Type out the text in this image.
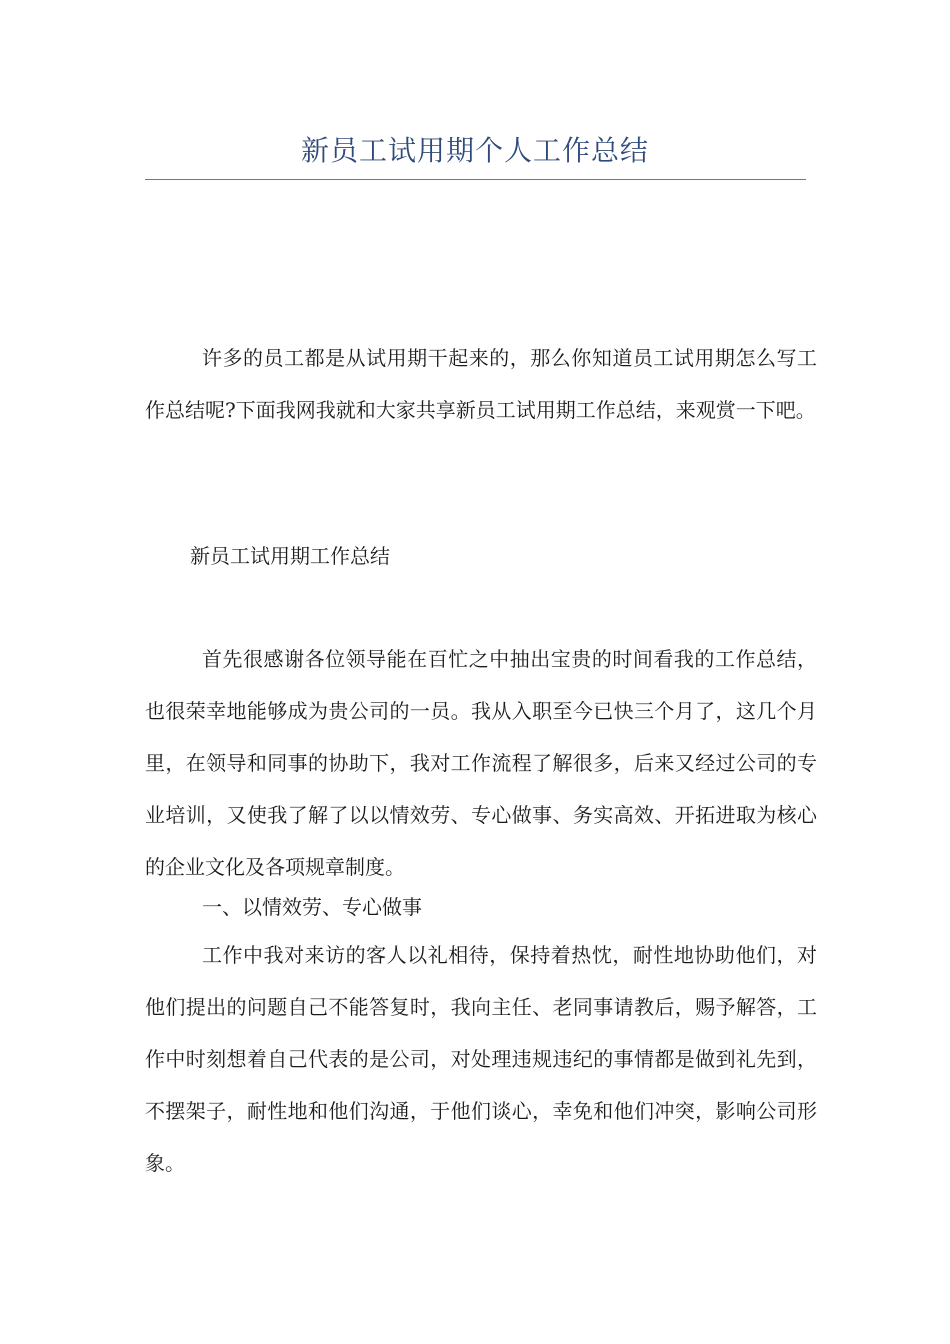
新员工试用期个人工作总结

许多的员工都是从试用期干起来的，那么你知道员工试用期怎么写工作总结呢?下面我网我就和大家共享新员工试用期工作总结，来观赏一下吧。

新员工试用期工作总结

首先很感谢各位领导能在百忙之中抽出宝贵的时间看我的工作总结，也很荣幸地能够成为贵公司的一员。我从入职至今已快三个月了，这几个月里，在领导和同事的协助下，我对工作流程了解很多，后来又经过公司的专业培训，又使我了解了以以情效劳、专心做事、务实高效、开拓进取为核心的企业文化及各项规章制度。

一、以情效劳、专心做事

工作中我对来访的客人以礼相待，保持着热忱，耐性地协助他们，对他们提出的问题自己不能答复时，我向主任、老同事请教后，赐予解答，工作中时刻想着自己代表的是公司，对处理违规违纪的事情都是做到礼先到，不摆架子，耐性地和他们沟通，于他们谈心，幸免和他们冲突，影响公司形象。
